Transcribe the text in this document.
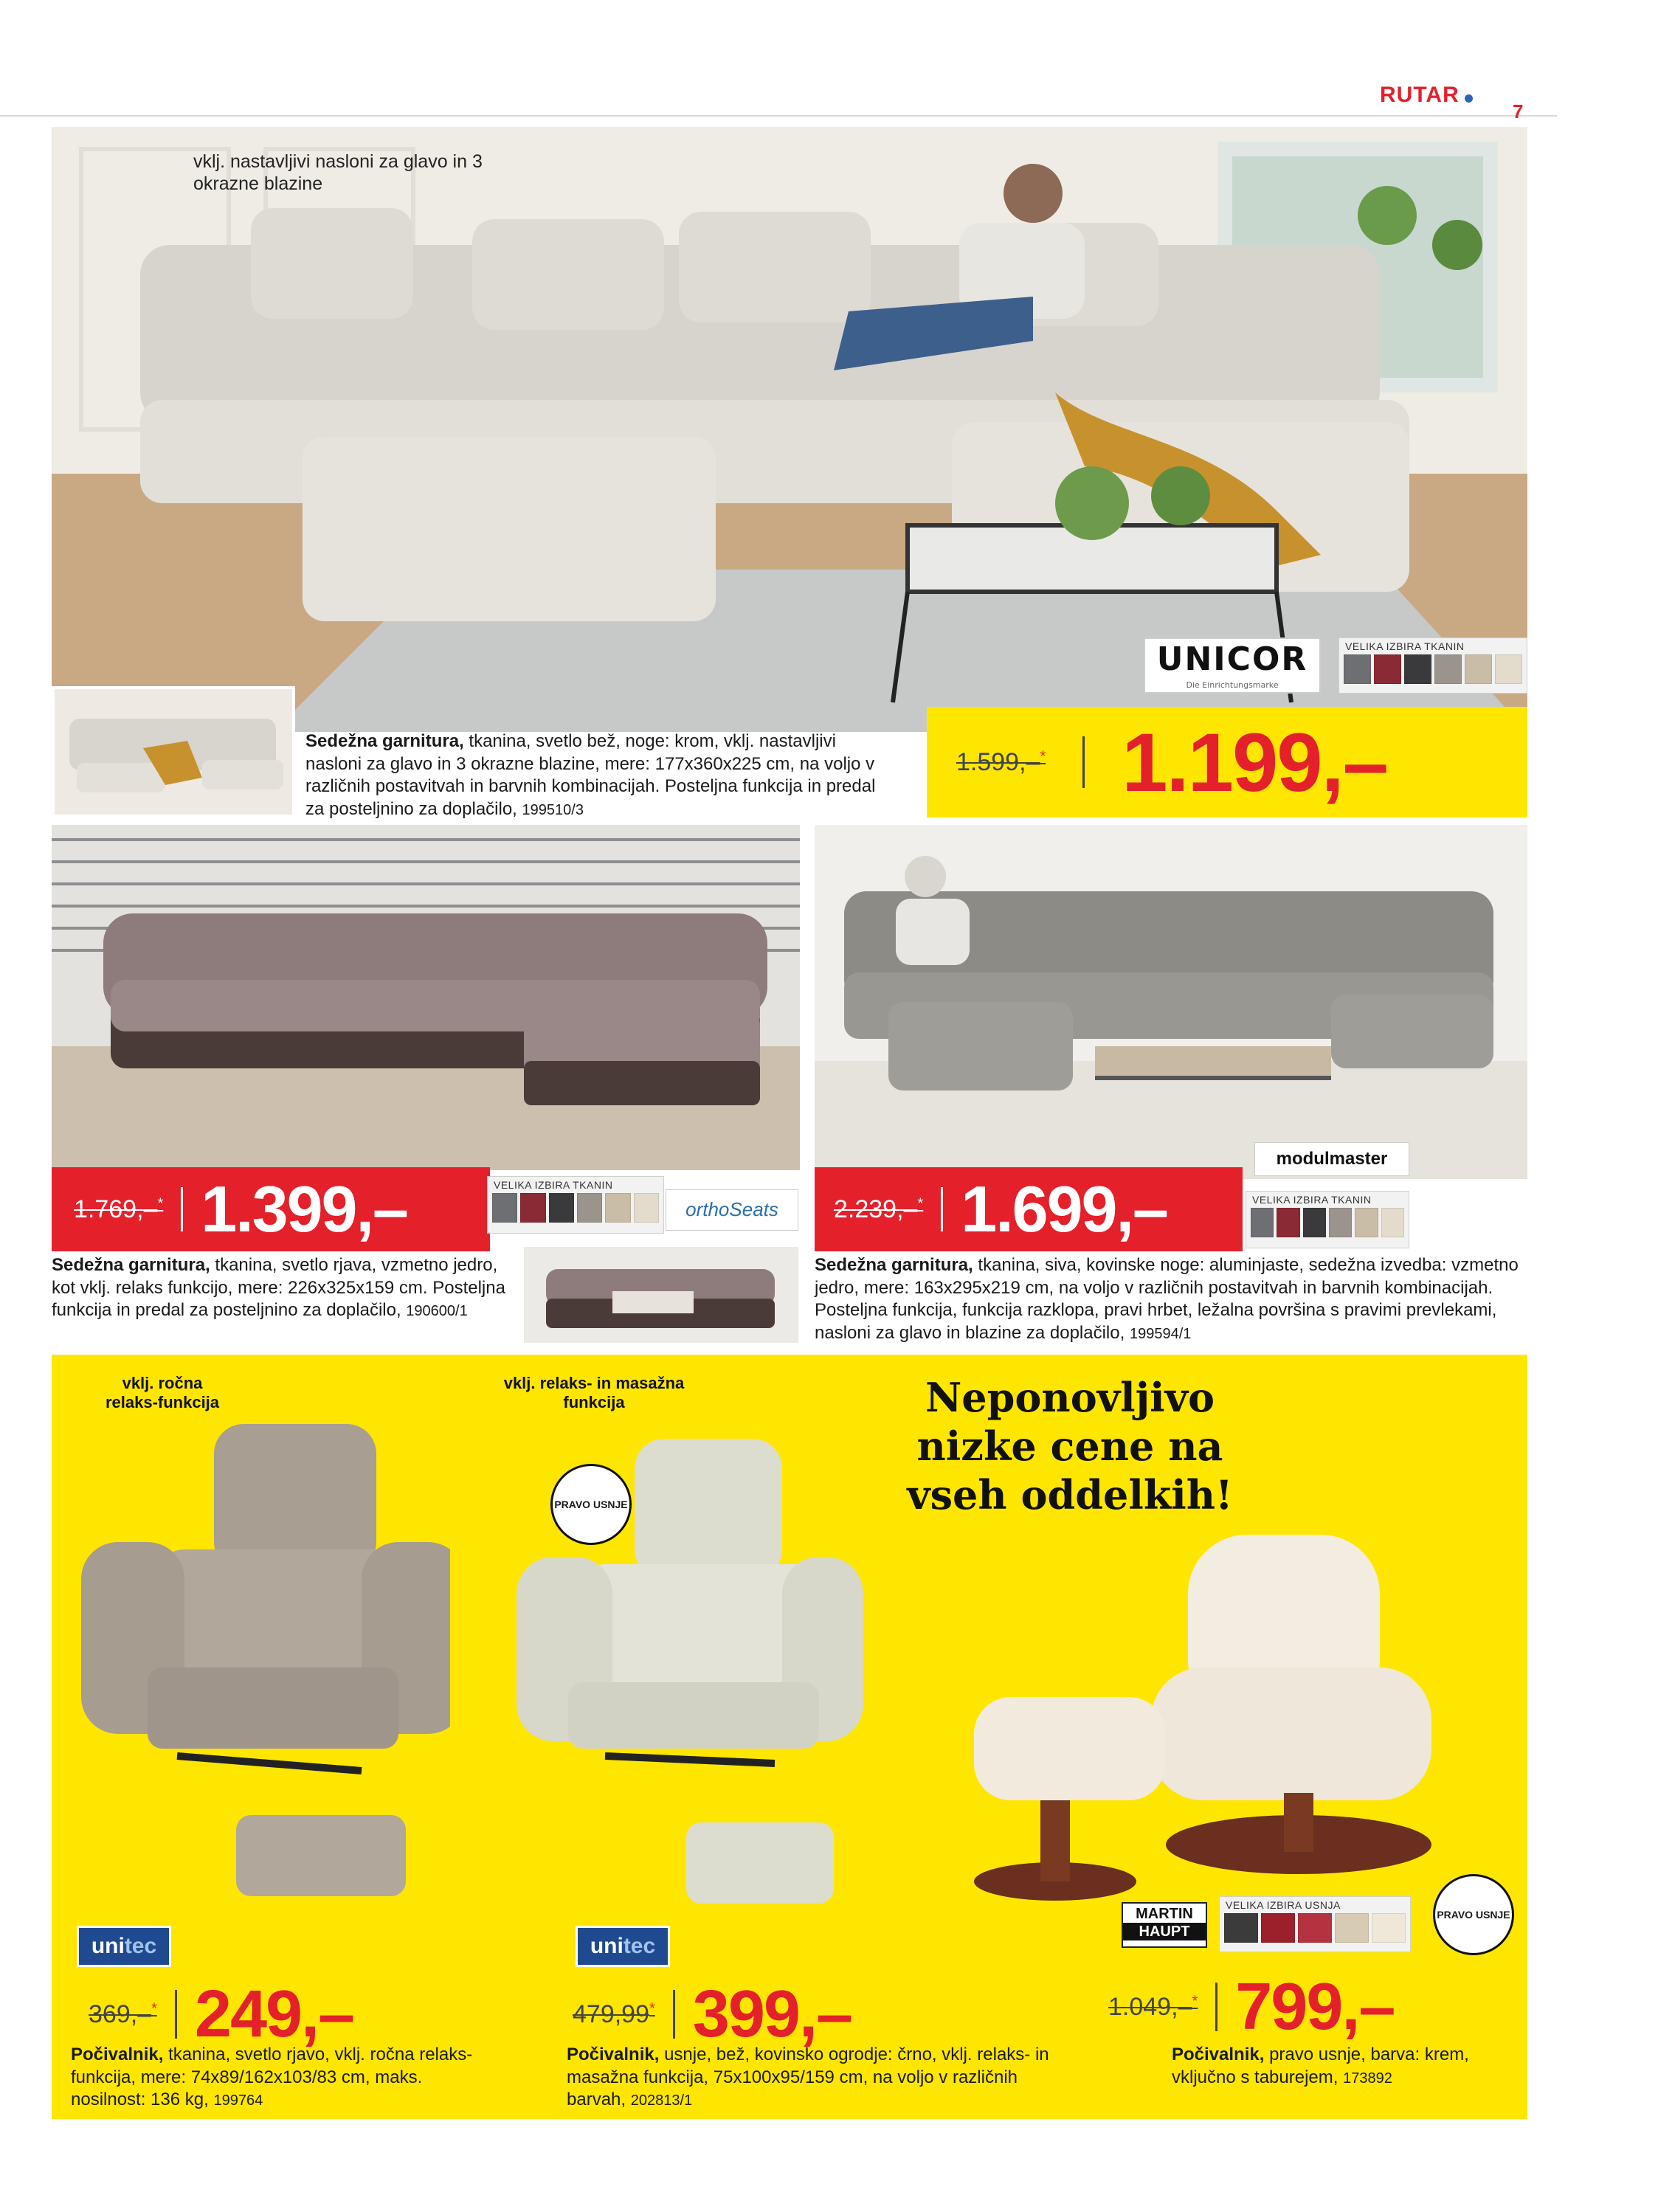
RUTAR
7
vklj. nastavljivi nasloni za glavo in 3 okrazne blazine
UNICOR
Die Einrichtungsmarke
VELIKA IZBIRA TKANIN
Sedežna garnitura, tkanina, svetlo bež, noge: krom, vklj. nastavljivi nasloni za glavo in 3 okrazne blazine, mere: 177x360x225 cm, na voljo v različnih postavitvah in barvnih kombinacijah. Posteljna funkcija in predal za posteljnino za doplačilo, 199510/3
1.599,–* 1.199,–
1.769,–* 1.399,–	VELIKA IZBIRA TKANIN
orthoSeats
Sedežna garnitura, tkanina, svetlo rjava, vzmetno jedro, kot vklj. relaks funkcijo, mere: 226x325x159 cm. Posteljna funkcija in predal za posteljnino za doplačilo, 190600/1
modulmaster
2.239,–* 1.699,–	VELIKA IZBIRA TKANIN
Sedežna garnitura, tkanina, siva, kovinske noge: aluminjaste, sedežna izvedba: vzmetno jedro, mere: 163x295x219 cm, na voljo v različnih postavitvah in barvnih kombinacijah. Posteljna funkcija, funkcija razklopa, pravi hrbet, ležalna površina s pravimi prevlekami, nasloni za glavo in blazine za doplačilo, 199594/1
Neponovljivo nizke cene na vseh oddelkih!
vklj. ročna relaks-funkcija
unitec
369,–* 249,–
Počivalnik, tkanina, svetlo rjavo, vklj. ročna relaks-funkcija, mere: 74x89/162x103/83 cm, maks. nosilnost: 136 kg, 199764
vklj. relaks- in masažna funkcija
PRAVO USNJE
unitec
479,99* 399,–
Počivalnik, usnje, bež, kovinsko ogrodje: črno, vklj. relaks- in masažna funkcija, 75x100x95/159 cm, na voljo v različnih barvah, 202813/1
PRAVO USNJE
MARTIN
HAUPT
VELIKA IZBIRA USNJA
1.049,–* 799,–
Počivalnik, pravo usnje, barva: krem, vključno s taburejem, 173892
